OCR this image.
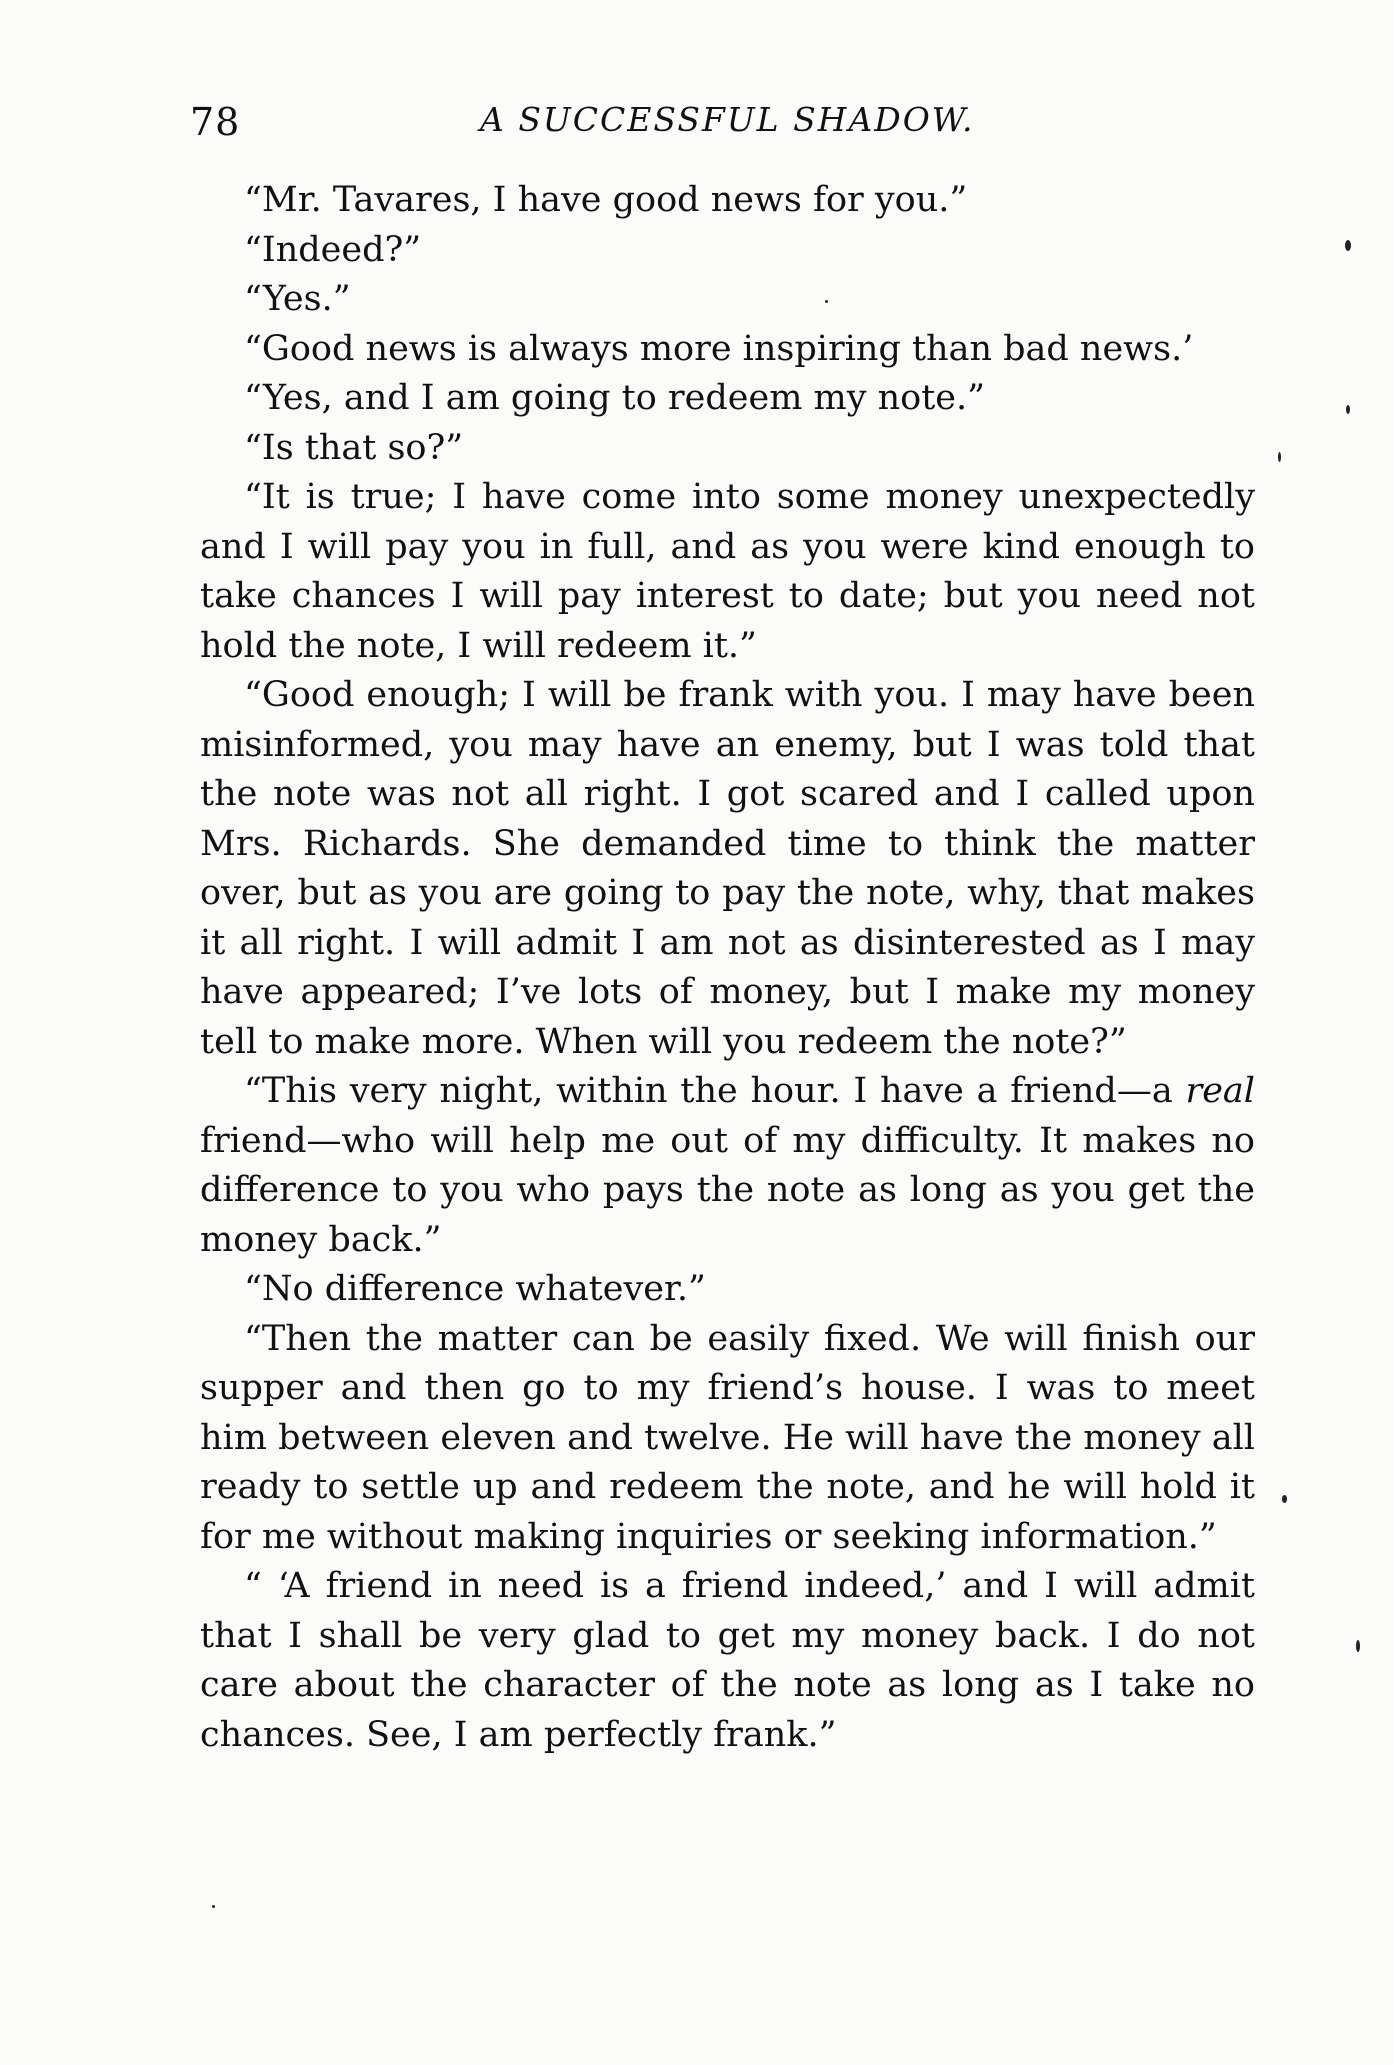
78	A SUCCESSFUL SHADOW.

“Mr. Tavares, I have good news for you.”

“Indeed?”

“Yes.”

“Good news is always more inspiring than bad news.’

“Yes, and I am going to redeem my note.”

“Is that so?”

“It is true; I have come into some money unexpectedly and I will pay you in full, and as you were kind enough to take chances I will pay interest to date; but you need not hold the note, I will redeem it.”

“Good enough; I will be frank with you. I may have been misinformed, you may have an enemy, but I was told that the note was not all right. I got scared and I called upon Mrs. Richards. She demanded time to think the matter over, but as you are going to pay the note, why, that makes it all right. I will admit I am not as disinterested as I may have appeared; I’ve lots of money, but I make my money tell to make more. When will you redeem the note?”

“This very night, within the hour. I have a friend—a real friend—who will help me out of my difficulty. It makes no difference to you who pays the note as long as you get the money back.”

“No difference whatever.”

“Then the matter can be easily fixed. We will finish our supper and then go to my friend’s house. I was to meet him between eleven and twelve. He will have the money all ready to settle up and redeem the note, and he will hold it for me without making inquiries or seeking information.”

“ ‘A friend in need is a friend indeed,’ and I will admit that I shall be very glad to get my money back. I do not care about the character of the note as long as I take no chances. See, I am perfectly frank.”
